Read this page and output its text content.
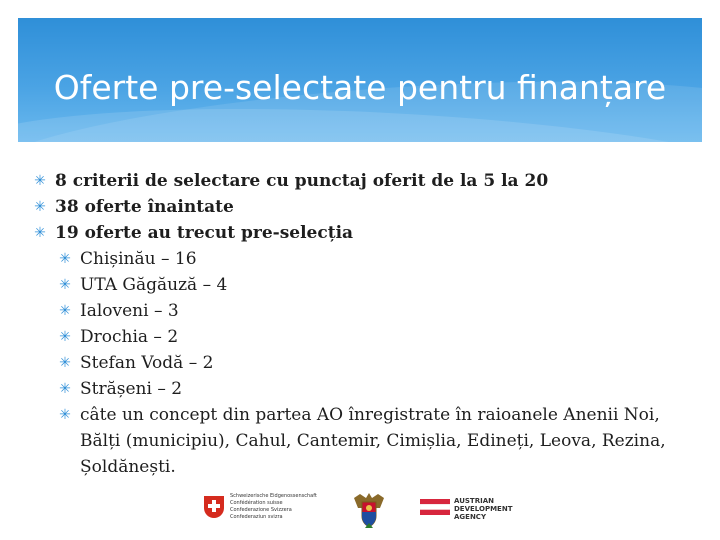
Oferte pre-selectate pentru finanțare
✳ 8 criterii de selectare cu punctaj oferit de la 5 la 20
✳ 38 oferte înaintate
✳ 19 oferte au trecut pre-selecția
✳ Chișinău – 16
✳ UTA Găgăuză – 4
✳ Ialoveni – 3
✳ Drochia – 2
✳ Stefan Vodă – 2
✳ Strășeni – 2
✳ câte un concept din partea AO înregistrate în raioanele Anenii Noi, Bălți (municipiu), Cahul, Cantemir, Cimișlia, Edineți, Leova, Rezina, Șoldănești.
Schweizerische Eidgenossenschaft
Confédération suisse
Confederazione Svizzera
Confederaziun svizra
AUSTRIAN
DEVELOPMENT
AGENCY
